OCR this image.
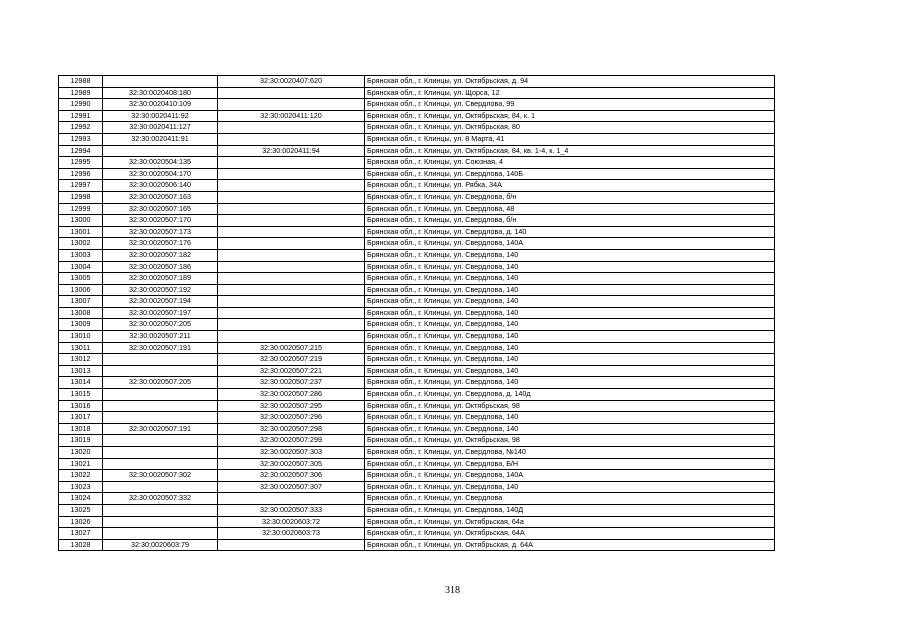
12988		32:30:0020407:620	Брянская обл., г. Клинцы, ул. Октябрьская, д. 94
12989	32:30:0020408:180		Брянская обл., г. Клинцы, ул. Щорса, 12
12990	32:30:0020410:109		Брянская обл., г. Клинцы, ул. Свердлова, 99
12991	32:30:0020411:92	32:30:0020411:120	Брянская обл., г. Клинцы, ул. Октябрьская, 84, к. 1
12992	32:30:0020411:127		Брянская обл., г. Клинцы, ул. Октябрьская, 80
12993	32:30:0020411:91		Брянская обл., г. Клинцы, ул. 8 Марта, 41
12994		32:30:0020411:94	Брянская обл., г. Клинцы, ул. Октябрьская, 84, кв. 1-4, к. 1_4
12995	32:30:0020504:135		Брянская обл., г. Клинцы, ул. Союзная, 4
12996	32:30:0020504:170		Брянская обл., г. Клинцы, ул. Свердлова, 140Б
12997	32:30:0020506:140		Брянская обл., г. Клинцы, ул. Рябка, 34А
12998	32:30:0020507:163		Брянская обл., г. Клинцы, ул. Свердлова, б/н
12999	32:30:0020507:165		Брянская обл., г. Клинцы, ул. Свердлова, 48
13000	32:30:0020507:170		Брянская обл., г. Клинцы, ул. Свердлова, б/н
13001	32:30:0020507:173		Брянская обл., г. Клинцы, ул. Свердлова, д. 140
13002	32:30:0020507:176		Брянская обл., г. Клинцы, ул. Свердлова, 140А
13003	32:30:0020507:182		Брянская обл., г. Клинцы, ул. Свердлова, 140
13004	32:30:0020507:186		Брянская обл., г. Клинцы, ул. Свердлова, 140
13005	32:30:0020507:189		Брянская обл., г. Клинцы, ул. Свердлова, 140
13006	32:30:0020507:192		Брянская обл., г. Клинцы, ул. Свердлова, 140
13007	32:30:0020507:194		Брянская обл., г. Клинцы, ул. Свердлова, 140
13008	32:30:0020507:197		Брянская обл., г. Клинцы, ул. Свердлова, 140
13009	32:30:0020507:205		Брянская обл., г. Клинцы, ул. Свердлова, 140
13010	32:30:0020507:211		Брянская обл., г. Клинцы, ул. Свердлова, 140
13011	32:30:0020507:191	32:30:0020507:215	Брянская обл., г. Клинцы, ул. Свердлова, 140
13012		32:30:0020507:219	Брянская обл., г. Клинцы, ул. Свердлова, 140
13013		32:30:0020507:221	Брянская обл., г. Клинцы, ул. Свердлова, 140
13014	32:30:0020507:205	32:30:0020507:237	Брянская обл., г. Клинцы, ул. Свердлова, 140
13015		32:30:0020507:286	Брянская обл., г. Клинцы, ул. Свердлова, д. 140д
13016		32:30:0020507:295	Брянская обл., г. Клинцы, ул. Октябрьская, 98
13017		32:30:0020507:296	Брянская обл., г. Клинцы, ул. Свердлова, 140
13018	32:30:0020507:191	32:30:0020507:298	Брянская обл., г. Клинцы, ул. Свердлова, 140
13019		32:30:0020507:299	Брянская обл., г. Клинцы, ул. Октябрьская, 98
13020		32:30:0020507:303	Брянская обл., г. Клинцы, ул. Свердлова, №140
13021		32:30:0020507:305	Брянская обл., г. Клинцы, ул. Свердлова, Б/Н
13022	32:30:0020507:302	32:30:0020507:306	Брянская обл., г. Клинцы, ул. Свердлова, 140А
13023		32:30:0020507:307	Брянская обл., г. Клинцы, ул. Свердлова, 140
13024	32:30:0020507:332		Брянская обл., г. Клинцы, ул. Свердлова
13025		32:30:0020507:333	Брянская обл., г. Клинцы, ул. Свердлова, 140Д
13026		32:30:0020603:72	Брянская обл., г. Клинцы, ул. Октябрьская, 64а
13027		32:30:0020603:73	Брянская обл., г. Клинцы, ул. Октябрьская, 64А
13028	32:30:0020603:79		Брянская обл., г. Клинцы, ул. Октябрьская, д. 64А
318
